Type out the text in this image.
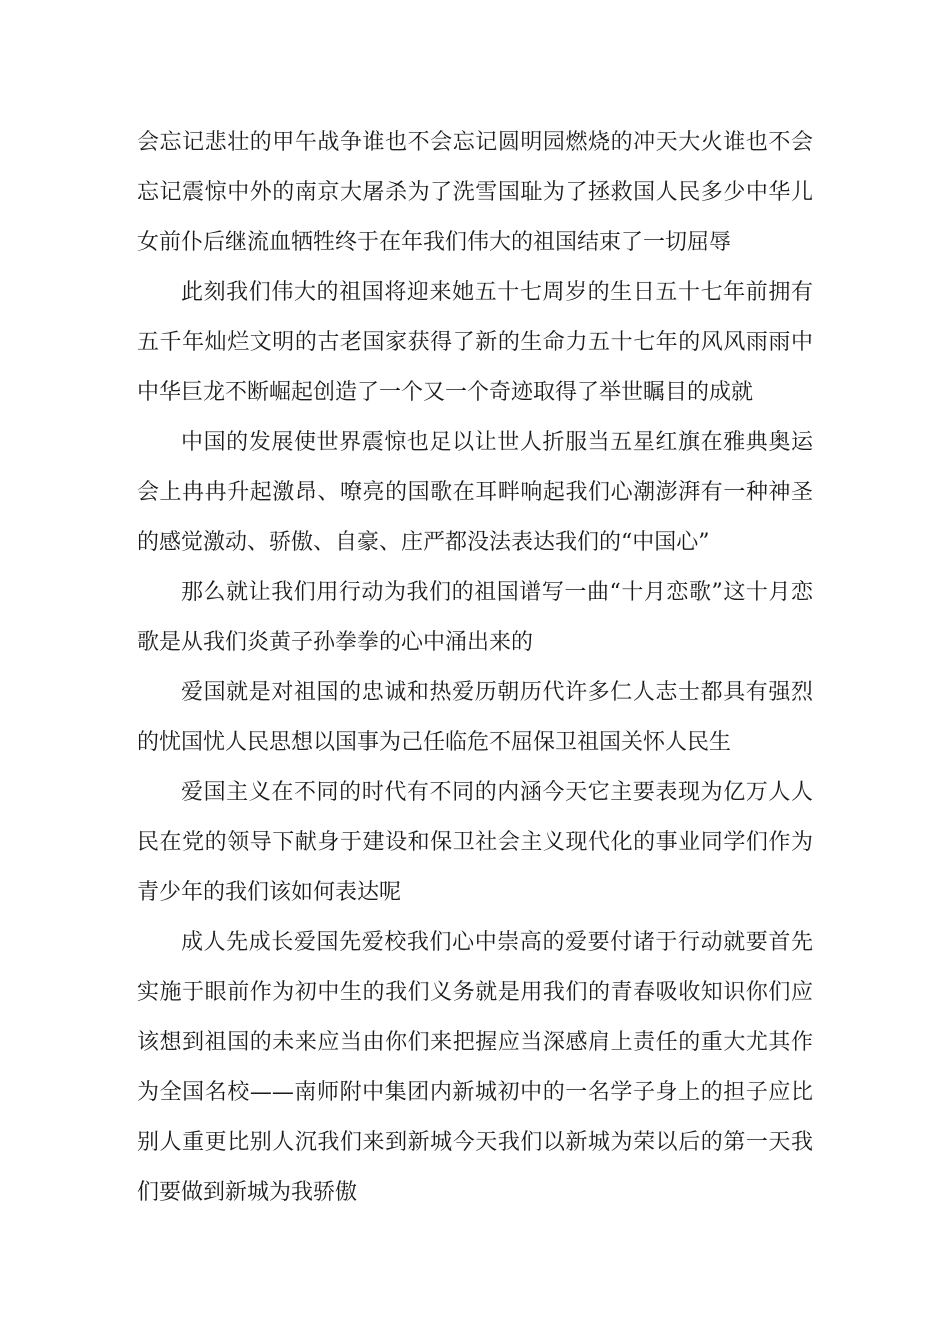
会忘记悲壮的甲午战争谁也不会忘记圆明园燃烧的冲天大火谁也不会忘记震惊中外的南京大屠杀为了洗雪国耻为了拯救国人民多少中华儿女前仆后继流血牺牲终于在年我们伟大的祖国结束了一切屈辱

此刻我们伟大的祖国将迎来她五十七周岁的生日五十七年前拥有五千年灿烂文明的古老国家获得了新的生命力五十七年的风风雨雨中中华巨龙不断崛起创造了一个又一个奇迹取得了举世瞩目的成就

中国的发展使世界震惊也足以让世人折服当五星红旗在雅典奥运会上冉冉升起激昂、嘹亮的国歌在耳畔响起我们心潮澎湃有一种神圣的感觉激动、骄傲、自豪、庄严都没法表达我们的“中国心”

那么就让我们用行动为我们的祖国谱写一曲“十月恋歌”这十月恋歌是从我们炎黄子孙拳拳的心中涌出来的

爱国就是对祖国的忠诚和热爱历朝历代许多仁人志士都具有强烈的忧国忧人民思想以国事为己任临危不屈保卫祖国关怀人民生

爱国主义在不同的时代有不同的内涵今天它主要表现为亿万人人民在党的领导下献身于建设和保卫社会主义现代化的事业同学们作为青少年的我们该如何表达呢

成人先成长爱国先爱校我们心中崇高的爱要付诸于行动就要首先实施于眼前作为初中生的我们义务就是用我们的青春吸收知识你们应该想到祖国的未来应当由你们来把握应当深感肩上责任的重大尤其作为全国名校——南师附中集团内新城初中的一名学子身上的担子应比别人重更比别人沉我们来到新城今天我们以新城为荣以后的第一天我们要做到新城为我骄傲
